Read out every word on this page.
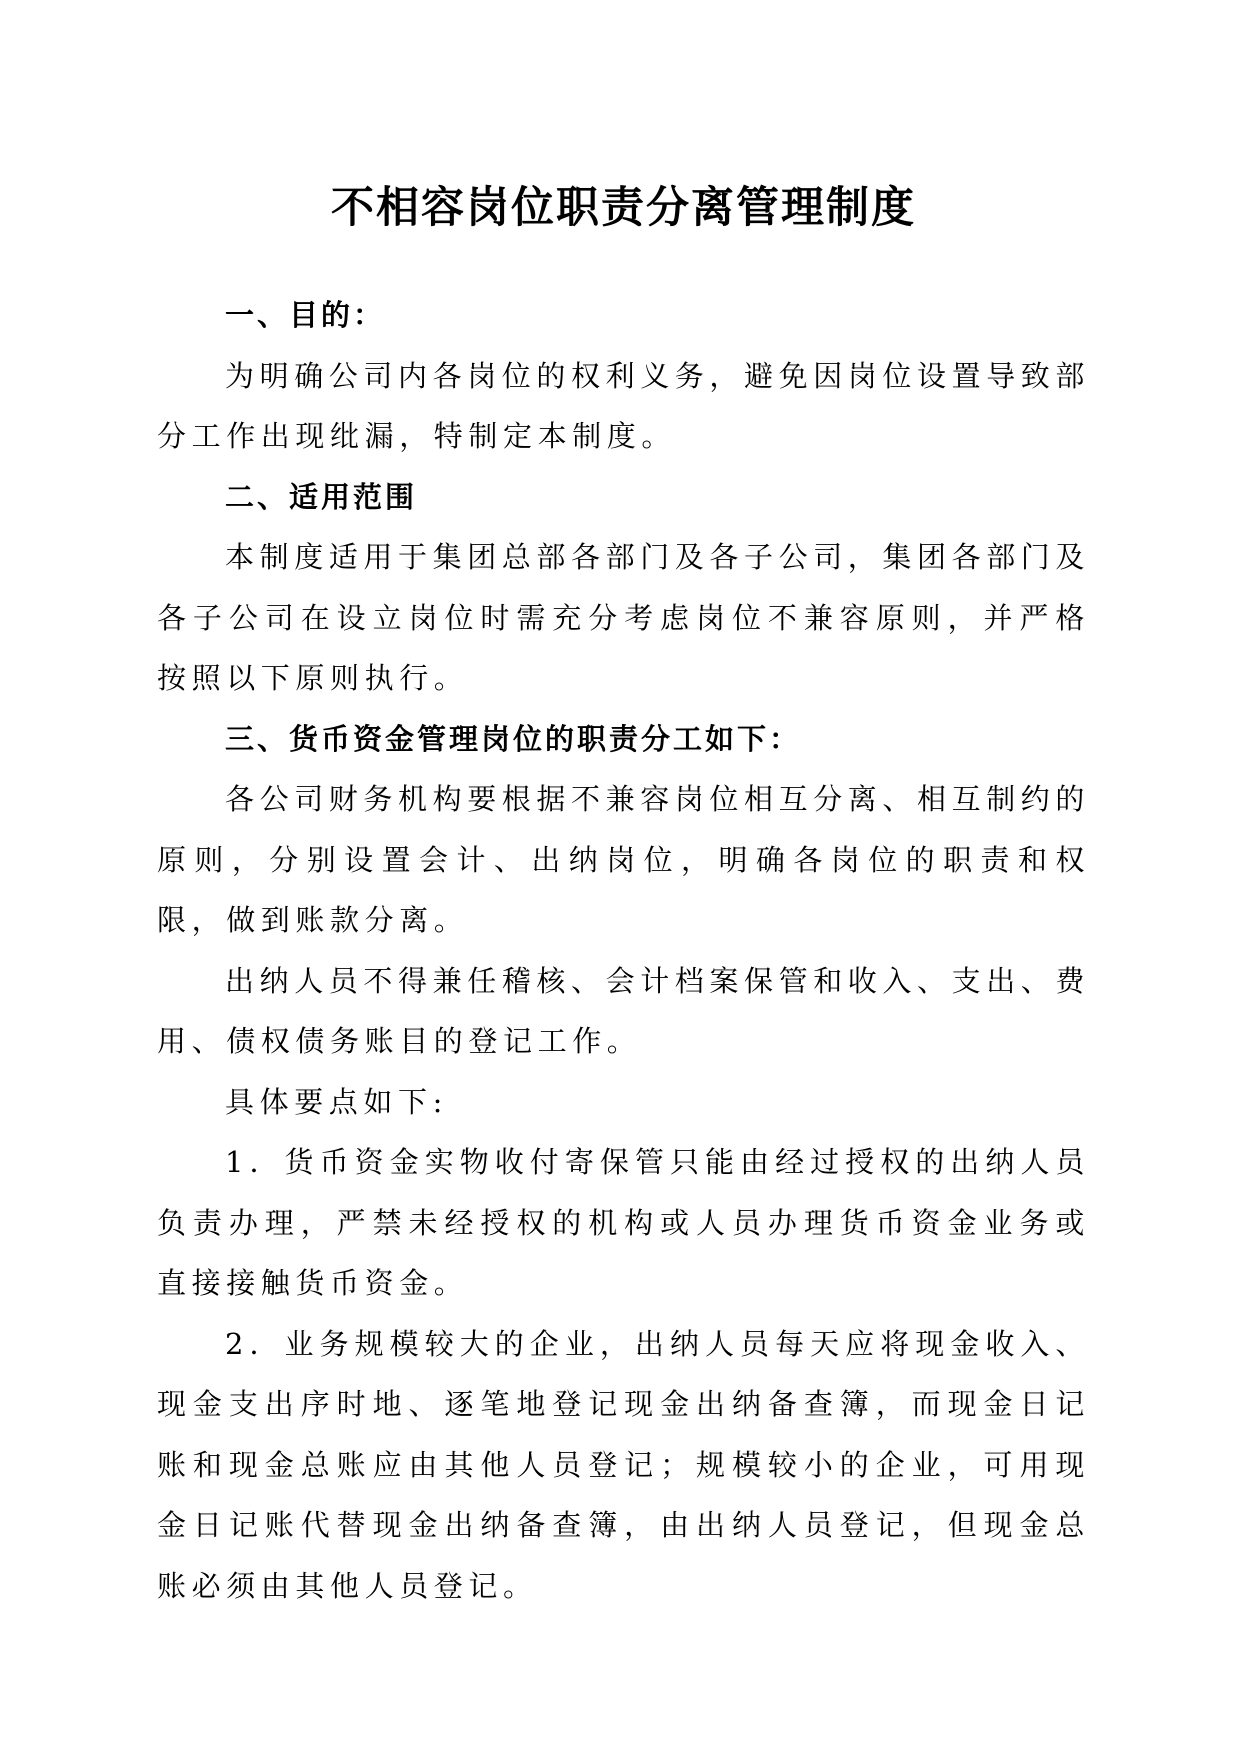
不相容岗位职责分离管理制度
一、目的：

为明确公司内各岗位的权利义务，避免因岗位设置导致部分工作出现纰漏，特制定本制度。

二、适用范围

本制度适用于集团总部各部门及各子公司，集团各部门及各子公司在设立岗位时需充分考虑岗位不兼容原则，并严格按照以下原则执行。

三、货币资金管理岗位的职责分工如下：

各公司财务机构要根据不兼容岗位相互分离、相互制约的原则，分别设置会计、出纳岗位，明确各岗位的职责和权限，做到账款分离。

出纳人员不得兼任稽核、会计档案保管和收入、支出、费用、债权债务账目的登记工作。

具体要点如下:

1．货币资金实物收付寄保管只能由经过授权的出纳人员负责办理，严禁未经授权的机构或人员办理货币资金业务或直接接触货币资金。

2．业务规模较大的企业，出纳人员每天应将现金收入、现金支出序时地、逐笔地登记现金出纳备查簿，而现金日记账和现金总账应由其他人员登记；规模较小的企业，可用现金日记账代替现金出纳备查簿，由出纳人员登记，但现金总账必须由其他人员登记。
